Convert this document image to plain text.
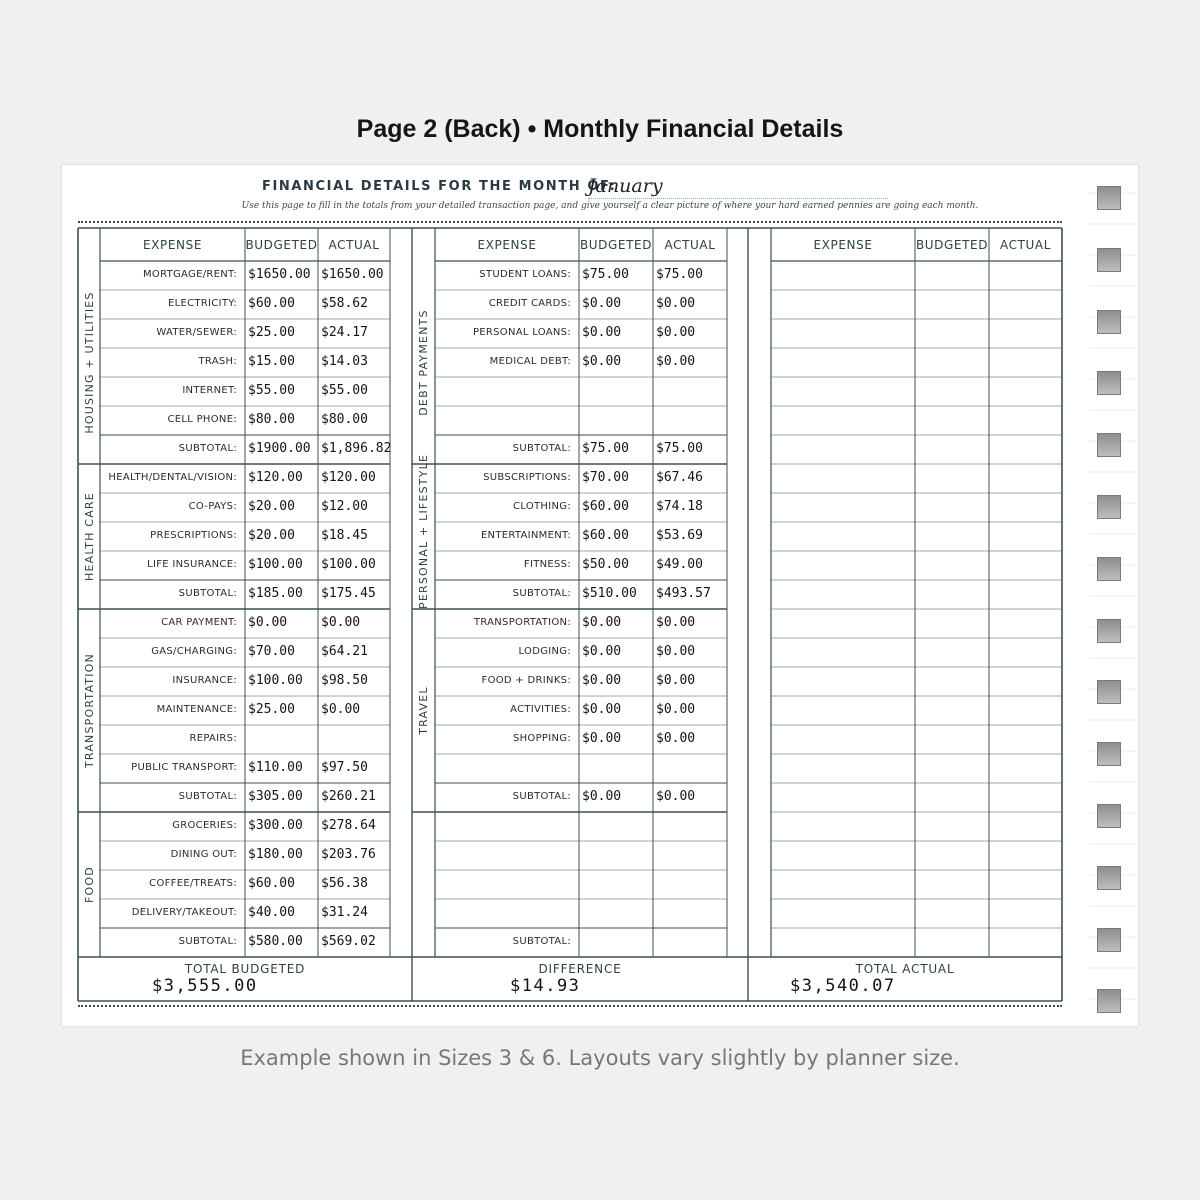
Page 2 (Back) • Monthly Financial Details
FINANCIAL DETAILS FOR THE MONTH OF:
January
Use this page to fill in the totals from your detailed transaction page, and give yourself a clear picture of where your hard earned pennies are going each month.
EXPENSE	BUDGETED ACTUAL
HOUSING + UTILITIES
MORTGAGE/RENT: $1650.00 $1650.00
ELECTRICITY: $60.00 $58.62
WATER/SEWER: $25.00 $24.17
TRASH: $15.00 $14.03
INTERNET: $55.00 $55.00
CELL PHONE: $80.00 $80.00
SUBTOTAL: $1900.00 $1,896.82
HEALTH CARE
HEALTH/DENTAL/VISION: $120.00 $120.00
CO-PAYS: $20.00 $12.00
PRESCRIPTIONS: $20.00 $18.45
LIFE INSURANCE: $100.00 $100.00
SUBTOTAL: $185.00 $175.45
TRANSPORTATION
CAR PAYMENT: $0.00	$0.00
GAS/CHARGING: $70.00 $64.21
INSURANCE: $100.00 $98.50
MAINTENANCE: $25.00 $0.00
REPAIRS:
PUBLIC TRANSPORT: $110.00 $97.50
SUBTOTAL: $305.00 $260.21
FOOD
GROCERIES: $300.00 $278.64
DINING OUT: $180.00 $203.76
COFFEE/TREATS: $60.00 $56.38
DELIVERY/TAKEOUT: $40.00 $31.24
SUBTOTAL: $580.00 $569.02
EXPENSE	BUDGETED	ACTUAL
DEBT PAYMENTS
STUDENT LOANS: $75.00 $75.00
CREDIT CARDS: $0.00	$0.00
PERSONAL LOANS: $0.00	$0.00
MEDICAL DEBT: $0.00	$0.00
SUBTOTAL: $75.00 $75.00
PERSONAL + LIFESTYLE	SUBSCRIPTIONS: $70.00 $67.46
CLOTHING: $60.00 $74.18
ENTERTAINMENT: $60.00 $53.69
FITNESS: $50.00 $49.00
SUBTOTAL: $510.00 $493.57
TRAVEL
TRANSPORTATION: $0.00	$0.00
LODGING: $0.00	$0.00
FOOD + DRINKS: $0.00	$0.00
ACTIVITIES: $0.00	$0.00
SHOPPING: $0.00	$0.00
SUBTOTAL: $0.00	$0.00
SUBTOTAL:
EXPENSE	BUDGETED ACTUAL
TOTAL BUDGETED
$3,555.00
DIFFERENCE
$14.93
TOTAL ACTUAL
$3,540.07
Example shown in Sizes 3 & 6. Layouts vary slightly by planner size.
